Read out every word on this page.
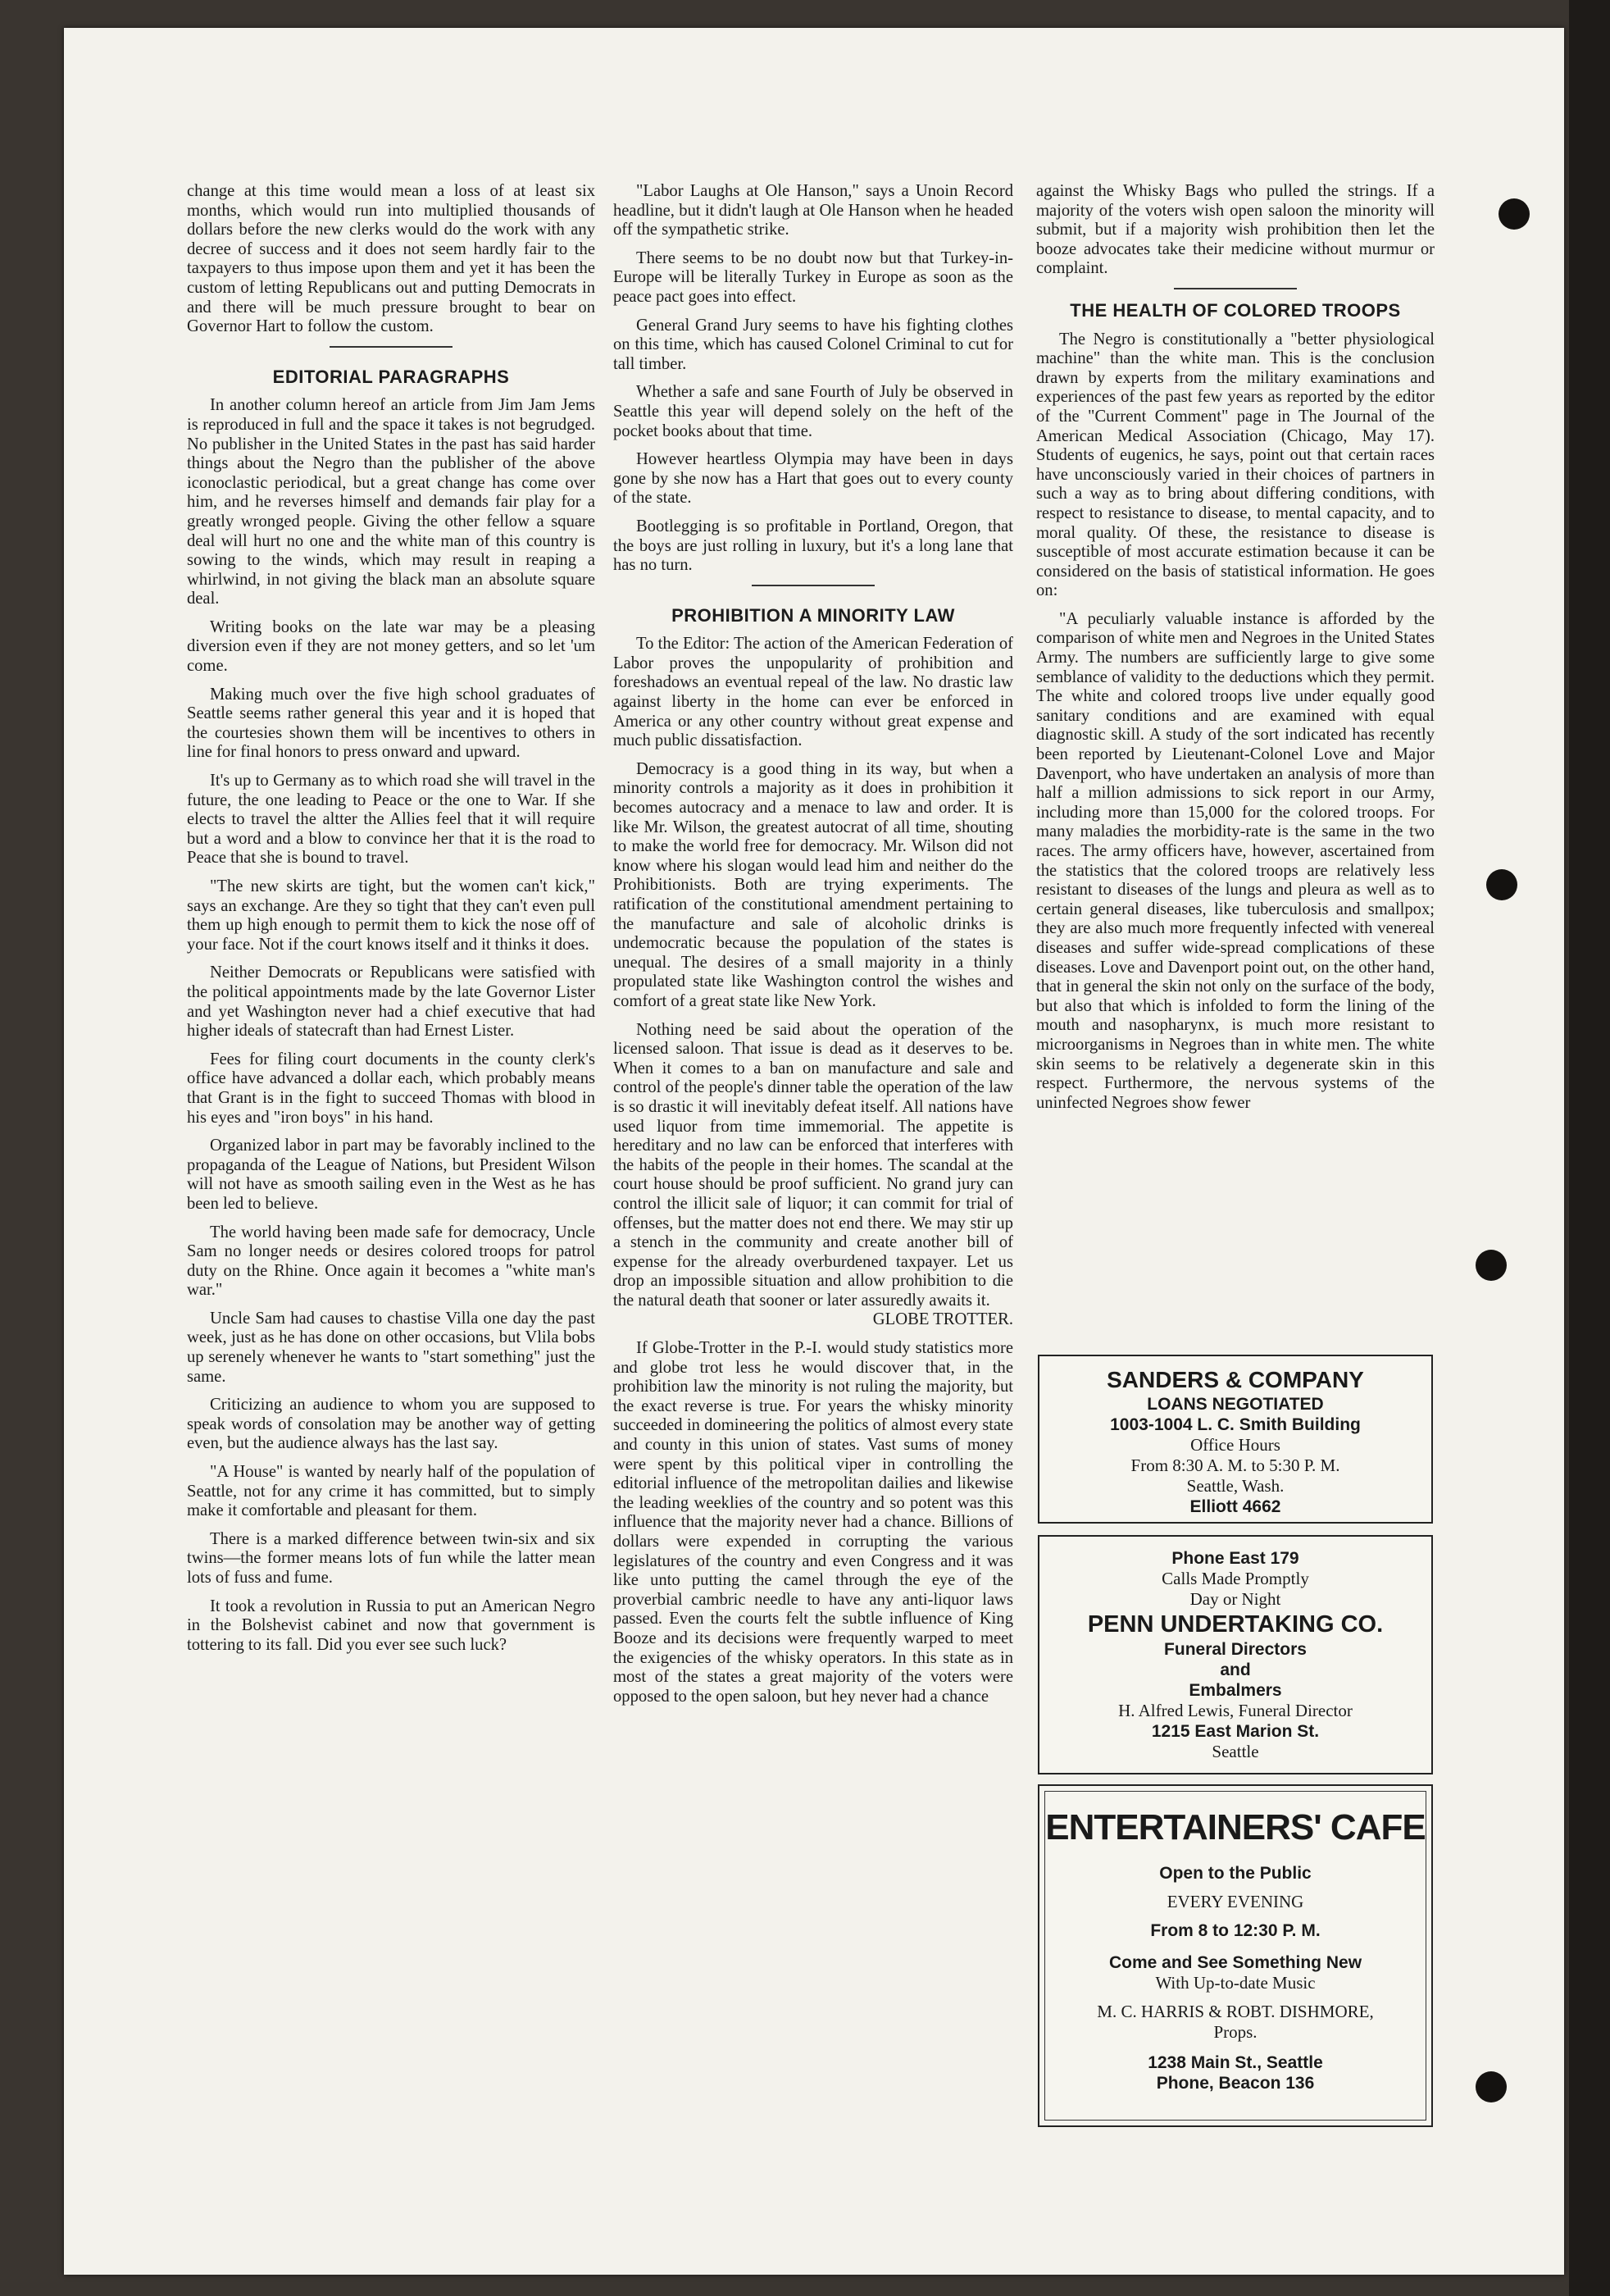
change at this time would mean a loss of at least six months, which would run into multiplied thousands of dollars before the new clerks would do the work with any decree of success and it does not seem hardly fair to the taxpayers to thus impose upon them and yet it has been the custom of letting Republicans out and putting Democrats in and there will be much pressure brought to bear on Governor Hart to follow the custom.

EDITORIAL PARAGRAPHS

In another column hereof an article from Jim Jam Jems is reproduced in full and the space it takes is not begrudged. No publisher in the United States in the past has said harder things about the Negro than the publisher of the above iconoclastic periodical, but a great change has come over him, and he reverses himself and demands fair play for a greatly wronged people. Giving the other fellow a square deal will hurt no one and the white man of this country is sowing to the winds, which may result in reaping a whirlwind, in not giving the black man an absolute square deal.

Writing books on the late war may be a pleasing diversion even if they are not money getters, and so let 'um come.

Making much over the five high school graduates of Seattle seems rather general this year and it is hoped that the courtesies shown them will be incentives to others in line for final honors to press onward and upward.

It's up to Germany as to which road she will travel in the future, the one leading to Peace or the one to War. If she elects to travel the altter the Allies feel that it will require but a word and a blow to convince her that it is the road to Peace that she is bound to travel.

"The new skirts are tight, but the women can't kick," says an exchange. Are they so tight that they can't even pull them up high enough to permit them to kick the nose off of your face. Not if the court knows itself and it thinks it does.

Neither Democrats or Republicans were satisfied with the political appointments made by the late Governor Lister and yet Washington never had a chief executive that had higher ideals of statecraft than had Ernest Lister.

Fees for filing court documents in the county clerk's office have advanced a dollar each, which probably means that Grant is in the fight to succeed Thomas with blood in his eyes and "iron boys" in his hand.

Organized labor in part may be favorably inclined to the propaganda of the League of Nations, but President Wilson will not have as smooth sailing even in the West as he has been led to believe.

The world having been made safe for democracy, Uncle Sam no longer needs or desires colored troops for patrol duty on the Rhine. Once again it becomes a "white man's war."

Uncle Sam had causes to chastise Villa one day the past week, just as he has done on other occasions, but Vlila bobs up serenely whenever he wants to "start something" just the same.

Criticizing an audience to whom you are supposed to speak words of consolation may be another way of getting even, but the audience always has the last say.

"A House" is wanted by nearly half of the population of Seattle, not for any crime it has committed, but to simply make it comfortable and pleasant for them.

There is a marked difference between twin-six and six twins—the former means lots of fun while the latter mean lots of fuss and fume.

It took a revolution in Russia to put an American Negro in the Bolshevist cabinet and now that government is tottering to its fall. Did you ever see such luck?

"Labor Laughs at Ole Hanson," says a Unoin Record headline, but it didn't laugh at Ole Hanson when he headed off the sympathetic strike.

There seems to be no doubt now but that Turkey-in-Europe will be literally Turkey in Europe as soon as the peace pact goes into effect.

General Grand Jury seems to have his fighting clothes on this time, which has caused Colonel Criminal to cut for tall timber.

Whether a safe and sane Fourth of July be observed in Seattle this year will depend solely on the heft of the pocket books about that time.

However heartless Olympia may have been in days gone by she now has a Hart that goes out to every county of the state.

Bootlegging is so profitable in Portland, Oregon, that the boys are just rolling in luxury, but it's a long lane that has no turn.

PROHIBITION A MINORITY LAW

To the Editor: The action of the American Federation of Labor proves the unpopularity of prohibition and foreshadows an eventual repeal of the law. No drastic law against liberty in the home can ever be enforced in America or any other country without great expense and much public dissatisfaction.

Democracy is a good thing in its way, but when a minority controls a majority as it does in prohibition it becomes autocracy and a menace to law and order. It is like Mr. Wilson, the greatest autocrat of all time, shouting to make the world free for democracy. Mr. Wilson did not know where his slogan would lead him and neither do the Prohibitionists. Both are trying experiments. The ratification of the constitutional amendment pertaining to the manufacture and sale of alcoholic drinks is undemocratic because the population of the states is unequal. The desires of a small majority in a thinly propulated state like Washington control the wishes and comfort of a great state like New York.

Nothing need be said about the operation of the licensed saloon. That issue is dead as it deserves to be. When it comes to a ban on manufacture and sale and control of the people's dinner table the operation of the law is so drastic it will inevitably defeat itself. All nations have used liquor from time immemorial. The appetite is hereditary and no law can be enforced that interferes with the habits of the people in their homes. The scandal at the court house should be proof sufficient. No grand jury can control the illicit sale of liquor; it can commit for trial of offenses, but the matter does not end there. We may stir up a stench in the community and create another bill of expense for the already overburdened taxpayer. Let us drop an impossible situation and allow prohibition to die the natural death that sooner or later assuredly awaits it.

GLOBE TROTTER.

If Globe-Trotter in the P.-I. would study statistics more and globe trot less he would discover that, in the prohibition law the minority is not ruling the majority, but the exact reverse is true. For years the whisky minority succeeded in domineering the politics of almost every state and county in this union of states. Vast sums of money were spent by this political viper in controlling the editorial influence of the metropolitan dailies and likewise the leading weeklies of the country and so potent was this influence that the majority never had a chance. Billions of dollars were expended in corrupting the various legislatures of the country and even Congress and it was like unto putting the camel through the eye of the proverbial cambric needle to have any anti-liquor laws passed. Even the courts felt the subtle influence of King Booze and its decisions were frequently warped to meet the exigencies of the whisky operators. In this state as in most of the states a great majority of the voters were opposed to the open saloon, but hey never had a chance

against the Whisky Bags who pulled the strings. If a majority of the voters wish open saloon the minority will submit, but if a majority wish prohibition then let the booze advocates take their medicine without murmur or complaint.

THE HEALTH OF COLORED TROOPS

The Negro is constitutionally a "better physiological machine" than the white man. This is the conclusion drawn by experts from the military examinations and experiences of the past few years as reported by the editor of the "Current Comment" page in The Journal of the American Medical Association (Chicago, May 17). Students of eugenics, he says, point out that certain races have unconsciously varied in their choices of partners in such a way as to bring about differing conditions, with respect to resistance to disease, to mental capacity, and to moral quality. Of these, the resistance to disease is susceptible of most accurate estimation because it can be considered on the basis of statistical information. He goes on:

"A peculiarly valuable instance is afforded by the comparison of white men and Negroes in the United States Army. The numbers are sufficiently large to give some semblance of validity to the deductions which they permit. The white and colored troops live under equally good sanitary conditions and are examined with equal diagnostic skill. A study of the sort indicated has recently been reported by Lieutenant-Colonel Love and Major Davenport, who have undertaken an analysis of more than half a million admissions to sick report in our Army, including more than 15,000 for the colored troops. For many maladies the morbidity-rate is the same in the two races. The army officers have, however, ascertained from the statistics that the colored troops are relatively less resistant to diseases of the lungs and pleura as well as to certain general diseases, like tuberculosis and smallpox; they are also much more frequently infected with venereal diseases and suffer wide-spread complications of these diseases. Love and Davenport point out, on the other hand, that in general the skin not only on the surface of the body, but also that which is infolded to form the lining of the mouth and nasopharynx, is much more resistant to microorganisms in Negroes than in white men. The white skin seems to be relatively a degenerate skin in this respect. Furthermore, the nervous systems of the uninfected Negroes show fewer

SANDERS & COMPANY
LOANS NEGOTIATED
1003-1004 L. C. Smith Building
Office Hours
From 8:30 A. M. to 5:30 P. M.
Seattle, Wash.
Elliott 4662
Phone East 179
Calls Made Promptly
Day or Night
PENN UNDERTAKING CO.
Funeral Directors
and
Embalmers
H. Alfred Lewis, Funeral Director
1215 East Marion St.
Seattle
ENTERTAINERS' CAFE
Open to the Public
EVERY EVENING
From 8 to 12:30 P. M.
Come and See Something New
With Up-to-date Music
M. C. HARRIS & ROBT. DISHMORE,
Props.
1238 Main St., Seattle
Phone, Beacon 136
